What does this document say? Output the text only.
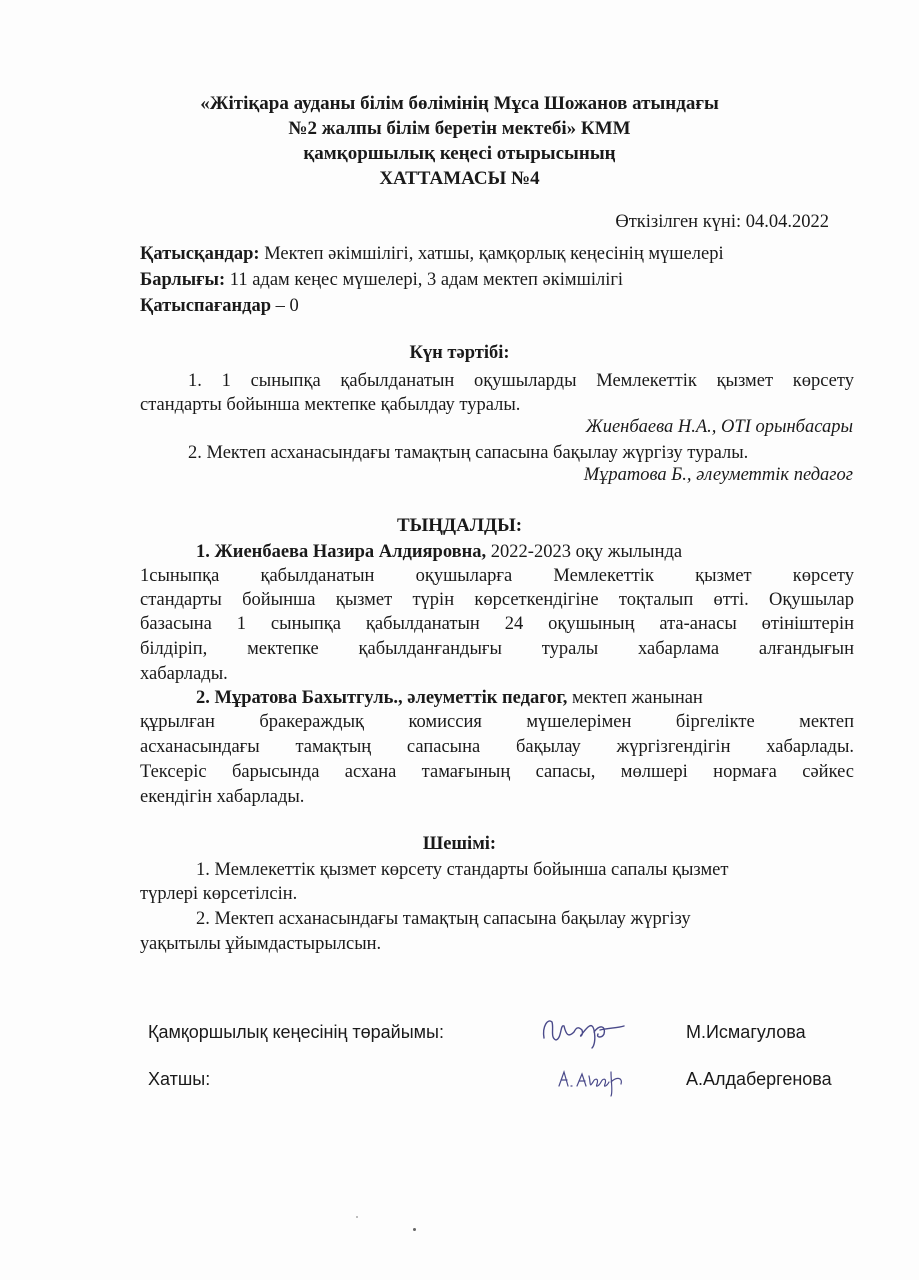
«Жітіқара ауданы білім бөлімінің Мұса Шожанов атындағы
№2 жалпы білім беретін мектебі» КММ
қамқоршылық кеңесі отырысының
ХАТТАМАСЫ №4
Өткізілген күні: 04.04.2022
Қатысқандар: Мектеп әкімшілігі, хатшы, қамқорлық кеңесінің мүшелері
Барлығы: 11 адам кеңес мүшелері, 3 адам мектеп әкімшілігі
Қатыспағандар – 0
Күн тәртібі:
1. 1 сыныпқа қабылданатын оқушыларды Мемлекеттік қызмет көрсету
стандарты бойынша мектепке қабылдау туралы.
Жиенбаева Н.А., ОТІ орынбасары
2. Мектеп асханасындағы тамақтың сапасына бақылау жүргізу туралы.
Мұратова Б., әлеуметтік педагог
ТЫҢДАЛДЫ:
1. Жиенбаева Назира Алдияровна, 2022-2023 оқу жылында
1сыныпқа қабылданатын оқушыларға Мемлекеттік қызмет көрсету
стандарты бойынша қызмет түрін көрсеткендігіне тоқталып өтті. Оқушылар
базасына 1 сыныпқа қабылданатын 24 оқушының ата-анасы өтініштерін
білдіріп, мектепке қабылданғандығы туралы хабарлама алғандығын
хабарлады.
2. Мұратова Бахытгуль., әлеуметтік педагог, мектеп жанынан
құрылған бракераждық комиссия мүшелерімен біргелікте мектеп
асханасындағы тамақтың сапасына бақылау жүргізгендігін хабарлады.
Тексеріс барысында асхана тамағының сапасы, мөлшері нормаға сәйкес
екендігін хабарлады.
Шешімі:
1. Мемлекеттік қызмет көрсету стандарты бойынша сапалы қызмет
түрлері көрсетілсін.
2. Мектеп асханасындағы тамақтың сапасына бақылау жүргізу
уақытылы ұйымдастырылсын.
Қамқоршылық кеңесінің төрайымы:	М.Исмагулова
Хатшы:	А.Алдабергенова
